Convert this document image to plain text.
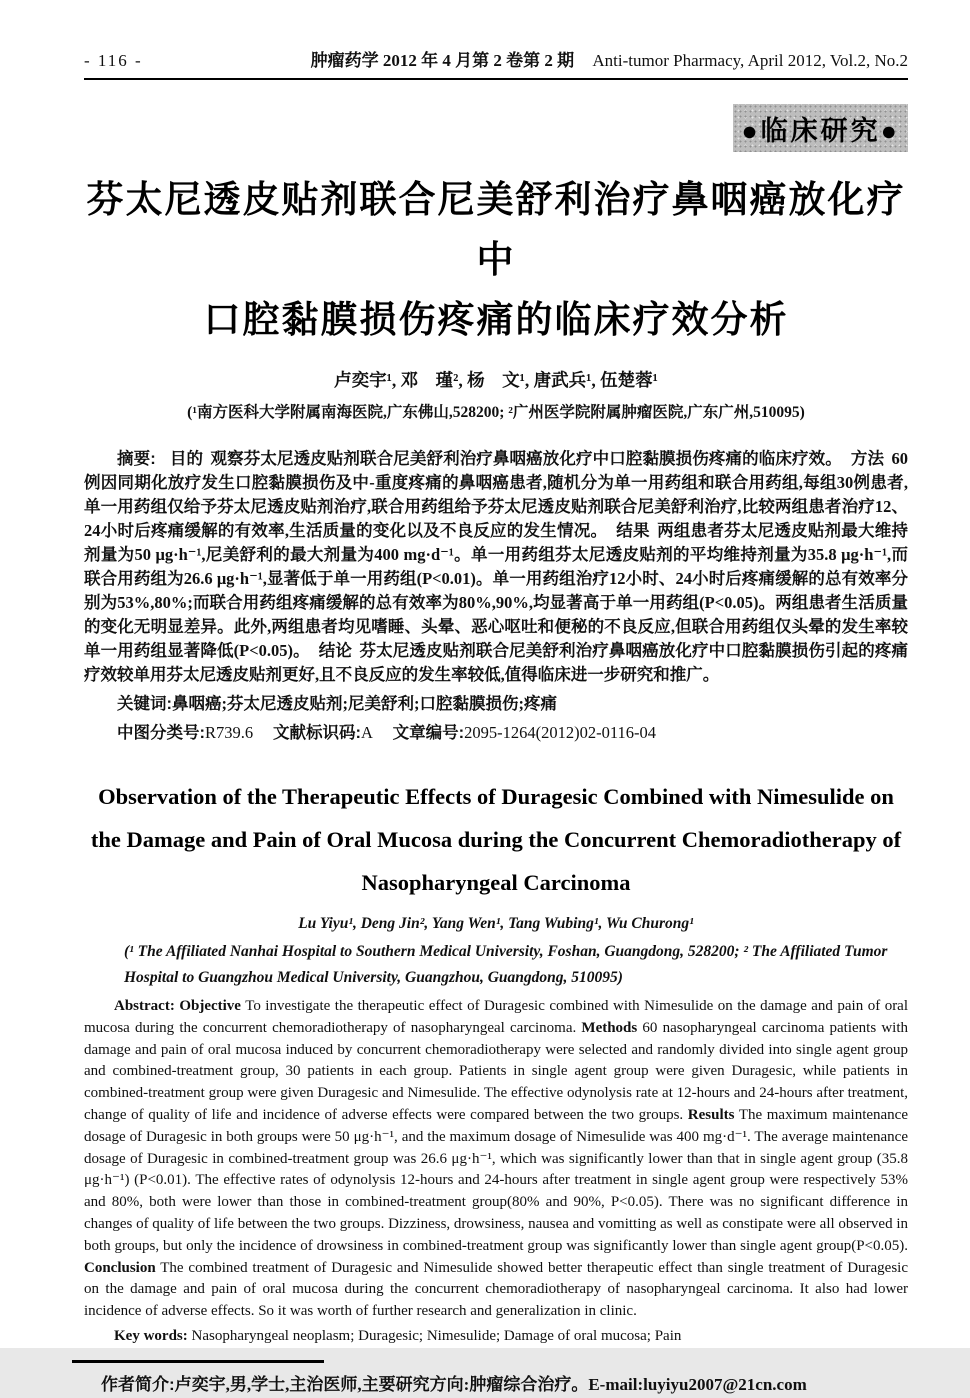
- 116 -	肿瘤药学 2012 年 4 月第 2 卷第 2 期 Anti-tumor Pharmacy, April 2012, Vol.2, No.2
●临床研究●
芬太尼透皮贴剂联合尼美舒利治疗鼻咽癌放化疗中
口腔黏膜损伤疼痛的临床疗效分析
卢奕宇¹, 邓　瑾², 杨　文¹, 唐武兵¹, 伍楚蓉¹
(¹南方医科大学附属南海医院,广东佛山,528200; ²广州医学院附属肿瘤医院,广东广州,510095)

摘要: 目的 观察芬太尼透皮贴剂联合尼美舒利治疗鼻咽癌放化疗中口腔黏膜损伤疼痛的临床疗效。 方法 60例因同期化放疗发生口腔黏膜损伤及中-重度疼痛的鼻咽癌患者,随机分为单一用药组和联合用药组,每组30例患者,单一用药组仅给予芬太尼透皮贴剂治疗,联合用药组给予芬太尼透皮贴剂联合尼美舒利治疗,比较两组患者治疗12、24小时后疼痛缓解的有效率,生活质量的变化以及不良反应的发生情况。 结果 两组患者芬太尼透皮贴剂最大维持剂量为50 μg·h⁻¹,尼美舒利的最大剂量为400 mg·d⁻¹。单一用药组芬太尼透皮贴剂的平均维持剂量为35.8 μg·h⁻¹,而联合用药组为26.6 μg·h⁻¹,显著低于单一用药组(P<0.01)。单一用药组治疗12小时、24小时后疼痛缓解的总有效率分别为53%,80%;而联合用药组疼痛缓解的总有效率为80%,90%,均显著高于单一用药组(P<0.05)。两组患者生活质量的变化无明显差异。此外,两组患者均见嗜睡、头晕、恶心呕吐和便秘的不良反应,但联合用药组仅头晕的发生率较单一用药组显著降低(P<0.05)。 结论 芬太尼透皮贴剂联合尼美舒利治疗鼻咽癌放化疗中口腔黏膜损伤引起的疼痛疗效较单用芬太尼透皮贴剂更好,且不良反应的发生率较低,值得临床进一步研究和推广。

关键词:鼻咽癌;芬太尼透皮贴剂;尼美舒利;口腔黏膜损伤;疼痛

中图分类号:R739.6 文献标识码:A 文章编号:2095-1264(2012)02-0116-04

Observation of the Therapeutic Effects of Duragesic Combined with Nimesulide on
the Damage and Pain of Oral Mucosa during the Concurrent Chemoradiotherapy of
Nasopharyngeal Carcinoma
Lu Yiyu¹, Deng Jin², Yang Wen¹, Tang Wubing¹, Wu Churong¹
(¹ The Affiliated Nanhai Hospital to Southern Medical University, Foshan, Guangdong, 528200; ² The Affiliated Tumor Hospital to Guangzhou Medical University, Guangzhou, Guangdong, 510095)

Abstract: Objective To investigate the therapeutic effect of Duragesic combined with Nimesulide on the damage and pain of oral mucosa during the concurrent chemoradiotherapy of nasopharyngeal carcinoma. Methods 60 nasopharyngeal carcinoma patients with damage and pain of oral mucosa induced by concurrent chemoradiotherapy were selected and randomly divided into single agent group and combined-treatment group, 30 patients in each group. Patients in single agent group were given Duragesic, while patients in combined-treatment group were given Duragesic and Nimesulide. The effective odynolysis rate at 12-hours and 24-hours after treatment, change of quality of life and incidence of adverse effects were compared between the two groups. Results The maximum maintenance dosage of Duragesic in both groups were 50 μg·h⁻¹, and the maximum dosage of Nimesulide was 400 mg·d⁻¹. The average maintenance dosage of Duragesic in combined-treatment group was 26.6 μg·h⁻¹, which was significantly lower than that in single agent group (35.8 μg·h⁻¹) (P<0.01). The effective rates of odynolysis 12-hours and 24-hours after treatment in single agent group were respectively 53% and 80%, both were lower than those in combined-treatment group(80% and 90%, P<0.05). There was no significant difference in changes of quality of life between the two groups. Dizziness, drowsiness, nausea and vomitting as well as constipate were all observed in both groups, but only the incidence of drowsiness in combined-treatment group was significantly lower than single agent group(P<0.05). Conclusion The combined treatment of Duragesic and Nimesulide showed better therapeutic effect than single treatment of Duragesic on the damage and pain of oral mucosa during the concurrent chemoradiotherapy of nasopharyngeal carcinoma. It also had lower incidence of adverse effects. So it was worth of further research and generalization in clinic.

Key words: Nasopharyngeal neoplasm; Duragesic; Nimesulide; Damage of oral mucosa; Pain

作者简介:卢奕宇,男,学士,主治医师,主要研究方向:肿瘤综合治疗。E-mail:luyiyu2007@21cn.com
